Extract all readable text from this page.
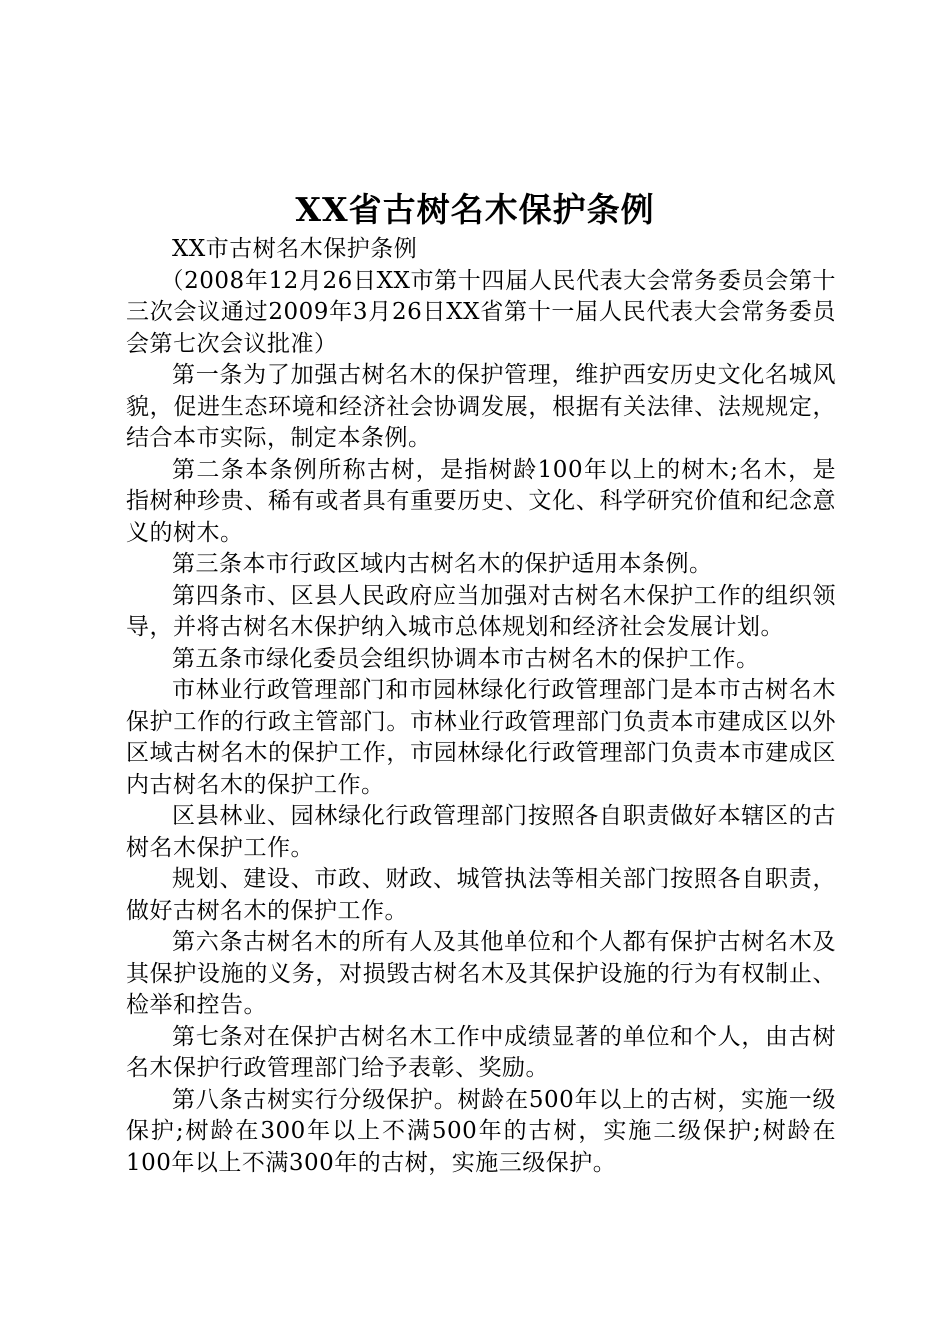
XX省古树名木保护条例

XX市古树名木保护条例

（2008年12月26日XX市第十四届人民代表大会常务委员会第十三次会议通过2009年3月26日XX省第十一届人民代表大会常务委员会第七次会议批准）

第一条为了加强古树名木的保护管理，维护西安历史文化名城风貌，促进生态环境和经济社会协调发展，根据有关法律、法规规定，结合本市实际，制定本条例。

第二条本条例所称古树，是指树龄100年以上的树木;名木，是指树种珍贵、稀有或者具有重要历史、文化、科学研究价值和纪念意义的树木。

第三条本市行政区域内古树名木的保护适用本条例。

第四条市、区县人民政府应当加强对古树名木保护工作的组织领导，并将古树名木保护纳入城市总体规划和经济社会发展计划。

第五条市绿化委员会组织协调本市古树名木的保护工作。

市林业行政管理部门和市园林绿化行政管理部门是本市古树名木保护工作的行政主管部门。市林业行政管理部门负责本市建成区以外区域古树名木的保护工作，市园林绿化行政管理部门负责本市建成区内古树名木的保护工作。

区县林业、园林绿化行政管理部门按照各自职责做好本辖区的古树名木保护工作。

规划、建设、市政、财政、城管执法等相关部门按照各自职责，做好古树名木的保护工作。

第六条古树名木的所有人及其他单位和个人都有保护古树名木及其保护设施的义务，对损毁古树名木及其保护设施的行为有权制止、检举和控告。

第七条对在保护古树名木工作中成绩显著的单位和个人，由古树名木保护行政管理部门给予表彰、奖励。

第八条古树实行分级保护。树龄在500年以上的古树，实施一级保护;树龄在300年以上不满500年的古树，实施二级保护;树龄在100年以上不满300年的古树，实施三级保护。
